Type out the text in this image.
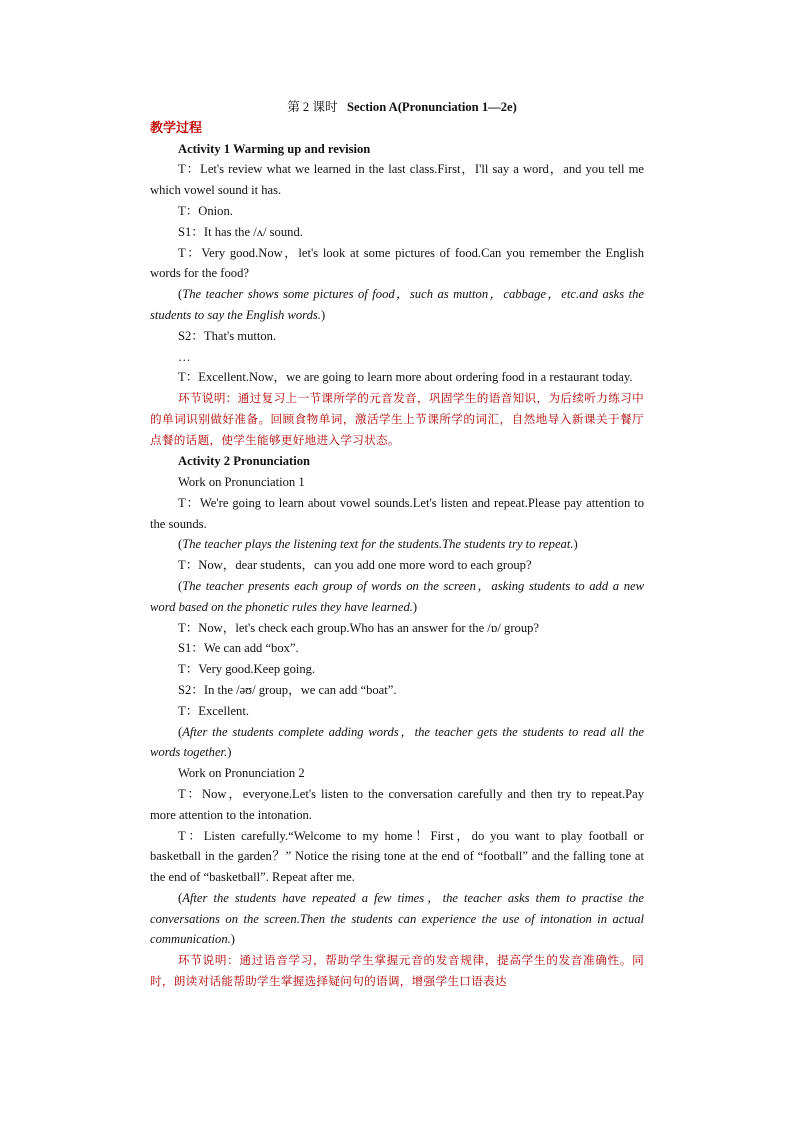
第 2 课时 Section A(Pronunciation 1—2e)
教学过程
Activity 1 Warming up and revision
T：Let's review what we learned in the last class.First，I'll say a word，and you tell me which vowel sound it has.
T：Onion.
S1：It has the /ʌ/ sound.
T：Very good.Now，let's look at some pictures of food.Can you remember the English words for the food?
(The teacher shows some pictures of food，such as mutton，cabbage，etc.and asks the students to say the English words.)
S2：That's mutton.
…
T：Excellent.Now，we are going to learn more about ordering food in a restaurant today.
环节说明：通过复习上一节课所学的元音发音，巩固学生的语音知识，为后续听力练习中的单词识别做好准备。回顾食物单词，激活学生上节课所学的词汇，自然地导入新课关于餐厅点餐的话题，使学生能够更好地进入学习状态。
Activity 2 Pronunciation
Work on Pronunciation 1
T：We're going to learn about vowel sounds.Let's listen and repeat.Please pay attention to the sounds.
(The teacher plays the listening text for the students.The students try to repeat.)
T：Now，dear students，can you add one more word to each group?
(The teacher presents each group of words on the screen，asking students to add a new word based on the phonetic rules they have learned.)
T：Now，let's check each group.Who has an answer for the /ɒ/ group?
S1：We can add “box”.
T：Very good.Keep going.
S2：In the /əʊ/ group，we can add “boat”.
T：Excellent.
(After the students complete adding words，the teacher gets the students to read all the words together.)
Work on Pronunciation 2
T：Now，everyone.Let's listen to the conversation carefully and then try to repeat.Pay more attention to the intonation.
T：Listen carefully.“Welcome to my home！First，do you want to play football or basketball in the garden？” Notice the rising tone at the end of “football” and the falling tone at the end of “basketball”. Repeat after me.
(After the students have repeated a few times，the teacher asks them to practise the conversations on the screen.Then the students can experience the use of intonation in actual communication.)
环节说明：通过语音学习，帮助学生掌握元音的发音规律，提高学生的发音准确性。同时，朗读对话能帮助学生掌握选择疑问句的语调，增强学生口语表达
